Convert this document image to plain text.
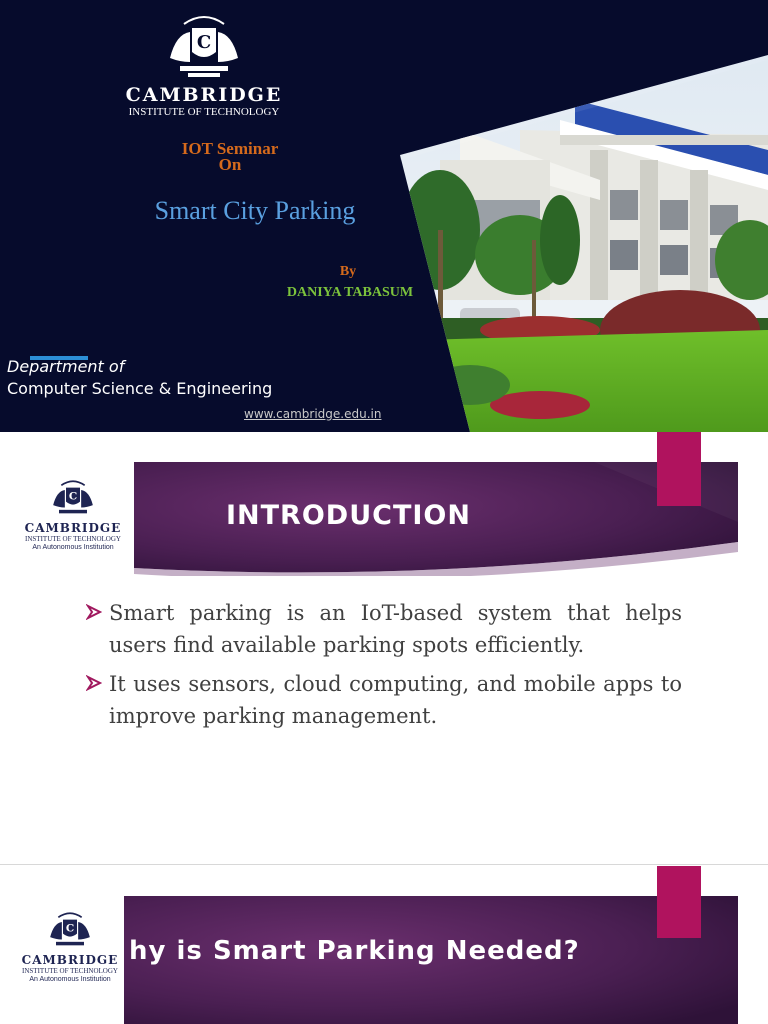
C
CAMBRIDGE
INSTITUTE OF TECHNOLOGY
IOT Seminar
On
Smart City Parking
By
DANIYA TABASUM
Department of
Computer Science & Engineering
www.cambridge.edu.in
C
CAMBRIDGE
INSTITUTE OF TECHNOLOGY
An Autonomous Institution
INTRODUCTION
Smart parking is an IoT-based system that helps users find available parking spots efficiently.
It uses sensors, cloud computing, and mobile apps to improve parking management.
C
CAMBRIDGE
INSTITUTE OF TECHNOLOGY
An Autonomous Institution
hy is Smart Parking Needed?
